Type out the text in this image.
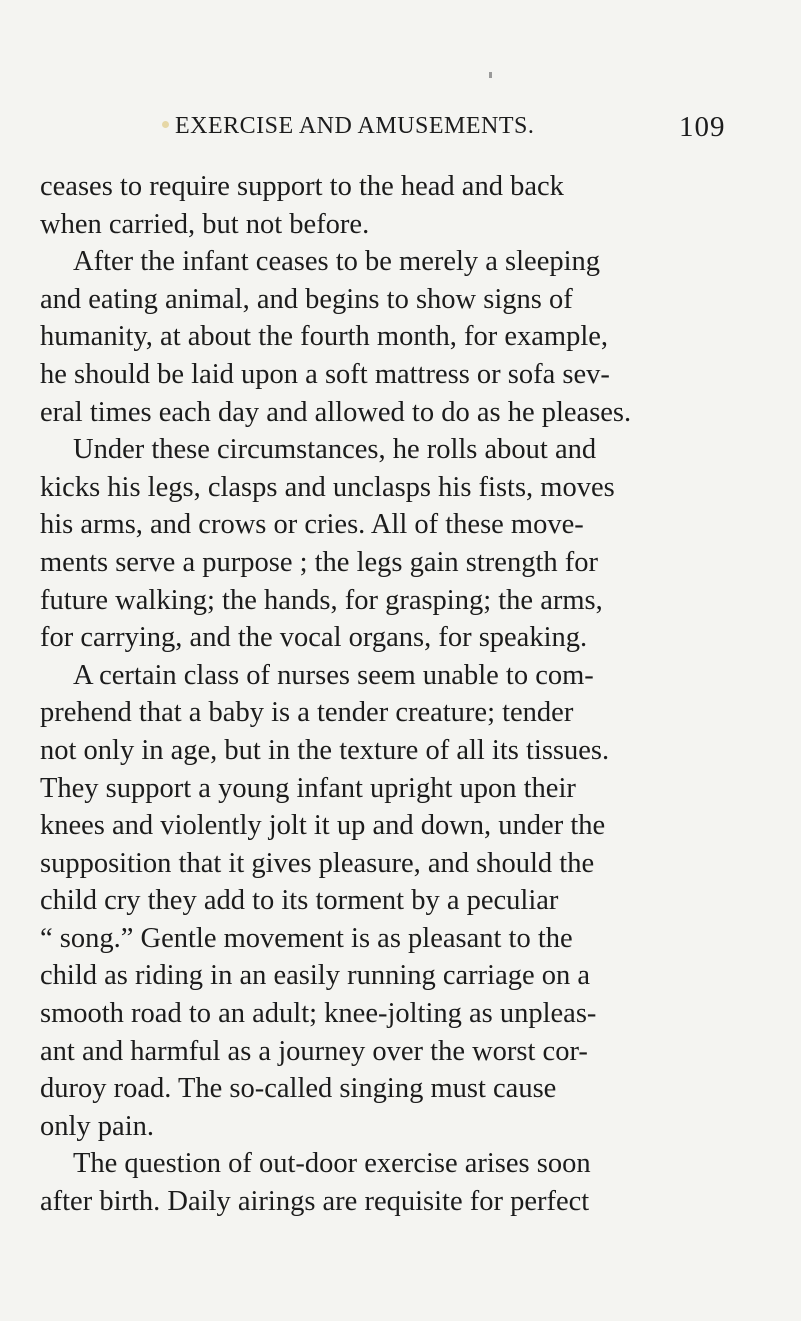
EXERCISE AND AMUSEMENTS.	109
ceases to require support to the head and back
when carried, but not before.
After the infant ceases to be merely a sleeping
and eating animal, and begins to show signs of
humanity, at about the fourth month, for example,
he should be laid upon a soft mattress or sofa sev-
eral times each day and allowed to do as he pleases.
Under these circumstances, he rolls about and
kicks his legs, clasps and unclasps his fists, moves
his arms, and crows or cries. All of these move-
ments serve a purpose ; the legs gain strength for
future walking; the hands, for grasping; the arms,
for carrying, and the vocal organs, for speaking.
A certain class of nurses seem unable to com-
prehend that a baby is a tender creature; tender
not only in age, but in the texture of all its tissues.
They support a young infant upright upon their
knees and violently jolt it up and down, under the
supposition that it gives pleasure, and should the
child cry they add to its torment by a peculiar
“ song.” Gentle movement is as pleasant to the
child as riding in an easily running carriage on a
smooth road to an adult; knee-jolting as unpleas-
ant and harmful as a journey over the worst cor-
duroy road. The so-called singing must cause
only pain.
The question of out-door exercise arises soon
after birth. Daily airings are requisite for perfect
